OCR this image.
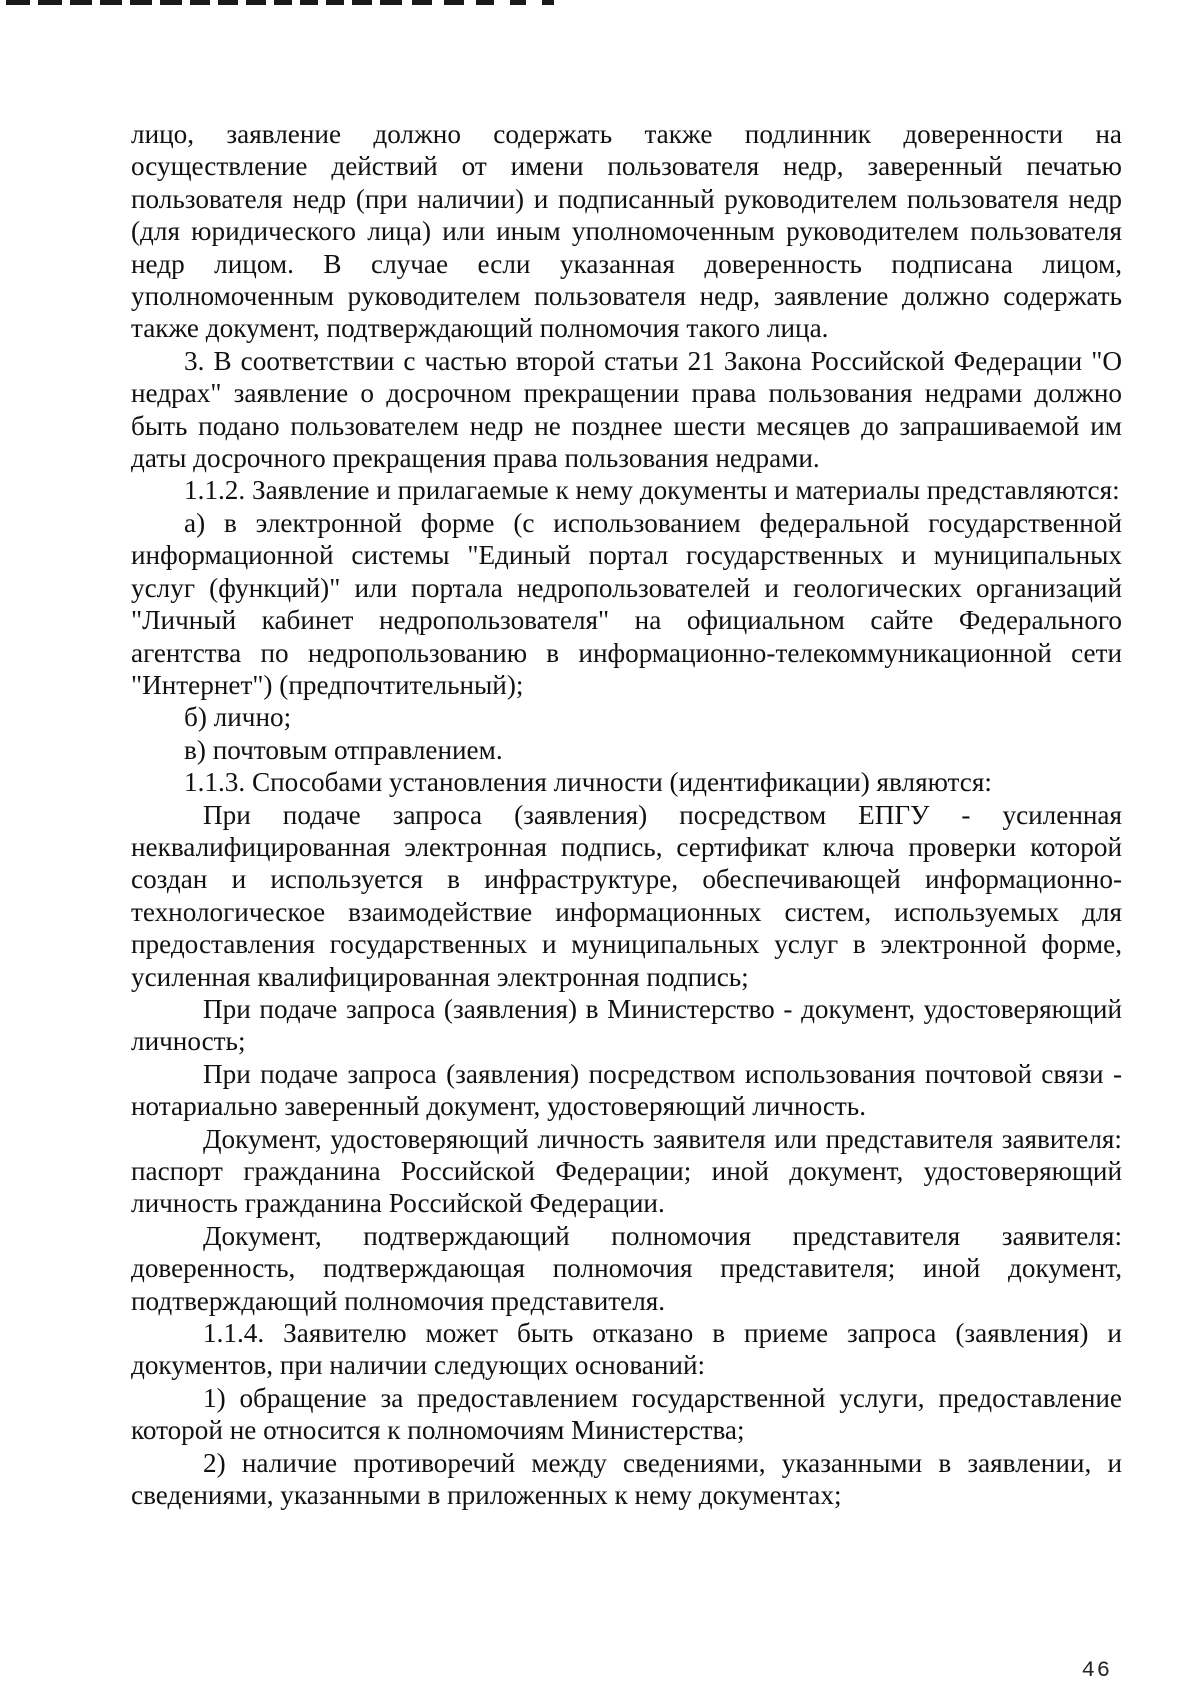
лицо, заявление должно содержать также подлинник доверенности на осуществление действий от имени пользователя недр, заверенный печатью пользователя недр (при наличии) и подписанный руководителем пользователя недр (для юридического лица) или иным уполномоченным руководителем пользователя недр лицом. В случае если указанная доверенность подписана лицом, уполномоченным руководителем пользователя недр, заявление должно содержать также документ, подтверждающий полномочия такого лица.

3. В соответствии с частью второй статьи 21 Закона Российской Федерации "О недрах" заявление о досрочном прекращении права пользования недрами должно быть подано пользователем недр не позднее шести месяцев до запрашиваемой им даты досрочного прекращения права пользования недрами.

1.1.2. Заявление и прилагаемые к нему документы и материалы представляются:

а) в электронной форме (с использованием федеральной государственной информационной системы "Единый портал государственных и муниципальных услуг (функций)" или портала недропользователей и геологических организаций "Личный кабинет недропользователя" на официальном сайте Федерального агентства по недропользованию в информационно-телекоммуникационной сети "Интернет") (предпочтительный);

б) лично;

в) почтовым отправлением.

1.1.3. Способами установления личности (идентификации) являются:

При подаче запроса (заявления) посредством ЕПГУ - усиленная неквалифицированная электронная подпись, сертификат ключа проверки которой создан и используется в инфраструктуре, обеспечивающей информационно-технологическое взаимодействие информационных систем, используемых для предоставления государственных и муниципальных услуг в электронной форме, усиленная квалифицированная электронная подпись;

При подаче запроса (заявления) в Министерство - документ, удостоверяющий личность;

При подаче запроса (заявления) посредством использования почтовой связи - нотариально заверенный документ, удостоверяющий личность.

Документ, удостоверяющий личность заявителя или представителя заявителя: паспорт гражданина Российской Федерации; иной документ, удостоверяющий личность гражданина Российской Федерации.

Документ, подтверждающий полномочия представителя заявителя: доверенность, подтверждающая полномочия представителя; иной документ, подтверждающий полномочия представителя.

1.1.4. Заявителю может быть отказано в приеме запроса (заявления) и документов, при наличии следующих оснований:

1) обращение за предоставлением государственной услуги, предоставление которой не относится к полномочиям Министерства;

2) наличие противоречий между сведениями, указанными в заявлении, и сведениями, указанными в приложенных к нему документах;

46
